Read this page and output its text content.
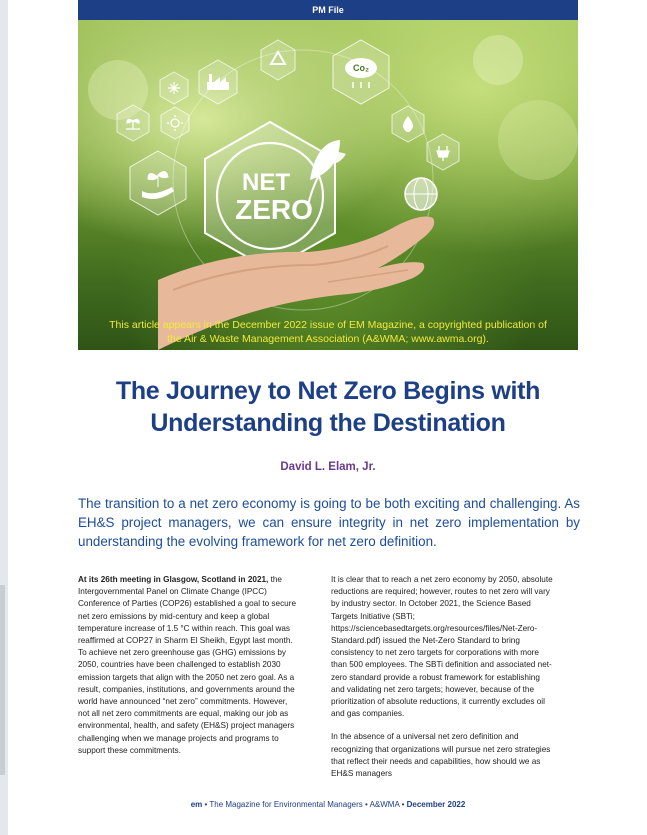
PM File
Co₂
NET
ZERO
This article appears in the December 2022 issue of EM Magazine, a copyrighted publication of
the Air & Waste Management Association (A&WMA; www.awma.org).
The Journey to Net Zero Begins with
Understanding the Destination
David L. Elam, Jr.
The transition to a net zero economy is going to be both exciting and challenging. As EH&S project managers, we can ensure integrity in net zero implementation by understanding the evolving framework for net zero definition.

At its 26th meeting in Glasgow, Scotland in 2021, the Intergovernmental Panel on Climate Change (IPCC) Conference of Parties (COP26) established a goal to secure net zero emissions by mid-century and keep a global temperature increase of 1.5 °C within reach. This goal was reaffirmed at COP27 in Sharm El Sheikh, Egypt last month. To achieve net zero greenhouse gas (GHG) emissions by 2050, countries have been challenged to establish 2030 emission targets that align with the 2050 net zero goal. As a result, companies, institutions, and governments around the world have announced “net zero” commitments. However, not all net zero commitments are equal, making our job as environmental, health, and safety (EH&S) project managers challenging when we manage projects and programs to support these commitments.

It is clear that to reach a net zero economy by 2050, absolute reductions are required; however, routes to net zero will vary by industry sector. In October 2021, the Science Based Targets Initiative (SBTi; https://sciencebasedtargets.org/resources/files/Net-Zero-Standard.pdf) issued the Net-Zero Standard to bring consistency to net zero targets for corporations with more than 500 employees. The SBTi definition and associated net-zero standard provide a robust framework for establishing and validating net zero targets; however, because of the prioritization of absolute reductions, it currently excludes oil and gas companies.

In the absence of a universal net zero definition and recognizing that organizations will pursue net zero strategies that reflect their needs and capabilities, how should we as EH&S managers

em • The Magazine for Environmental Managers • A&WMA • December 2022
